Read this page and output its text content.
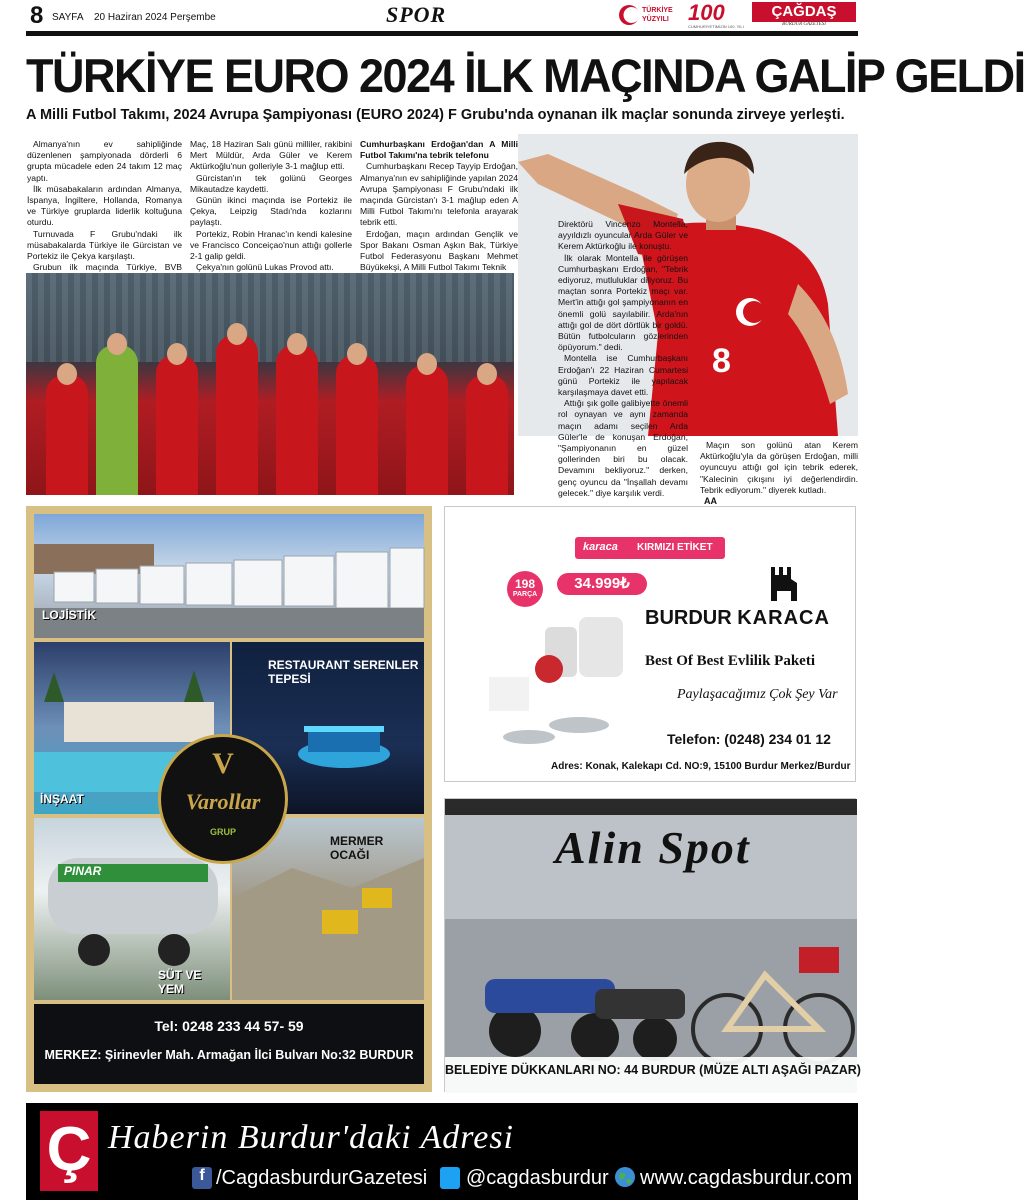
8 SAYFA 20 Haziran 2024 Perşembe	SPOR	TÜRKİYE
YÜZYILI 100
CUMHURİYETİMİZİN 100. YILI
ÇAĞDAŞ
BURDUR GAZETESİ
TÜRKİYE EURO 2024 İLK MAÇINDA GALİP GELDİ
A Milli Futbol Takımı, 2024 Avrupa Şampiyonası (EURO 2024) F Grubu'nda oynanan ilk maçlar sonunda zirveye yerleşti.

Almanya'nın ev sahipliğinde düzenlenen şampiyonada dörderli 6 grupta mücadele eden 24 takım 12 maç yaptı.

İlk müsabakaların ardından Almanya, İspanya, İngiltere, Hollanda, Romanya ve Türkiye gruplarda liderlik koltuğuna oturdu.

Turnuvada F Grubu'ndaki ilk müsabakalarda Türkiye ile Gürcistan ve Portekiz ile Çekya karşılaştı.

Grubun ilk maçında Türkiye, BVB

Maç, 18 Haziran Salı günü milliler, rakibini Mert Müldür, Arda Güler ve Kerem Aktürkoğlu'nun golleriyle 3-1 mağlup etti.

Gürcistan'ın tek golünü Georges Mikautadze kaydetti.

Günün ikinci maçında ise Portekiz ile Çekya, Leipzig Stadı'nda kozlarını paylaştı.

Portekiz, Robin Hranac'ın kendi kalesine ve Francisco Conceiçao'nun attığı gollerle 2-1 galip geldi.

Çekya'nın golünü Lukas Provod attı.

Cumhurbaşkanı Erdoğan'dan A Milli Futbol Takımı'na tebrik telefonu

Cumhurbaşkanı Recep Tayyip Erdoğan, Almanya'nın ev sahipliğinde yapılan 2024 Avrupa Şampiyonası F Grubu'ndaki ilk maçında Gürcistan'ı 3-1 mağlup eden A Milli Futbol Takımı'nı telefonla arayarak tebrik etti.

Erdoğan, maçın ardından Gençlik ve Spor Bakanı Osman Aşkın Bak, Türkiye Futbol Federasyonu Başkanı Mehmet Büyükekşi, A Milli Futbol Takımı Teknik

8

Direktörü Vincenzo Montella, ayyıldızlı oyuncular Arda Güler ve Kerem Aktürkoğlu ile konuştu.

İlk olarak Montella ile görüşen Cumhurbaşkanı Erdoğan, "Tebrik ediyoruz, mutluluklar diliyoruz. Bu maçtan sonra Portekiz maçı var. Mert'in attığı gol şampiyonanın en önemli golü sayılabilir. Arda'nın attığı gol de dört dörtlük bir goldü. Bütün futbolcuların gözlerinden öpüyorum." dedi.

Montella ise Cumhurbaşkanı Erdoğan'ı 22 Haziran Cumartesi günü Portekiz ile yapılacak karşılaşmaya davet etti.

Attığı şık golle galibiyette önemli rol oynayan ve aynı zamanda maçın adamı seçilen Arda Güler'le de konuşan Erdoğan, "Şampiyonanın en güzel gollerinden biri bu olacak. Devamını bekliyoruz." derken, genç oyuncu da "İnşallah devamı gelecek." diye karşılık verdi.

Maçın son golünü atan Kerem Aktürkoğlu'yla da görüşen Erdoğan, milli oyuncuyu attığı gol için tebrik ederek, "Kalecinin çıkışını iyi değerlendirdin. Tebrik ediyorum." diyerek kutladı.

AA
LOJİSTİK
İNŞAAT
RESTAURANT SERENLER TEPESİ
PINAR
SÜT VE YEM
MERMER OCAĞI
V
Varollar
GRUP
Tel: 0248 233 44 57- 59
MERKEZ: Şirinevler Mah. Armağan İlci Bulvarı No:32 BURDUR
karaca KIRMIZI ETİKET
198
PARÇA
34.999₺
BURDUR KARACA
Best Of Best Evlilik Paketi
Paylaşacağımız Çok Şey Var
Telefon: (0248) 234 01 12
Adres: Konak, Kalekapı Cd. NO:9, 15100 Burdur Merkez/Burdur
Alin Spot
BELEDİYE DÜKKANLARI NO: 44 BURDUR (MÜZE ALTI AŞAĞI PAZAR)
Ç Haberin Burdur'daki Adresi
f /CagdasburdurGazetesi @cagdasburdur www.cagdasburdur.com
